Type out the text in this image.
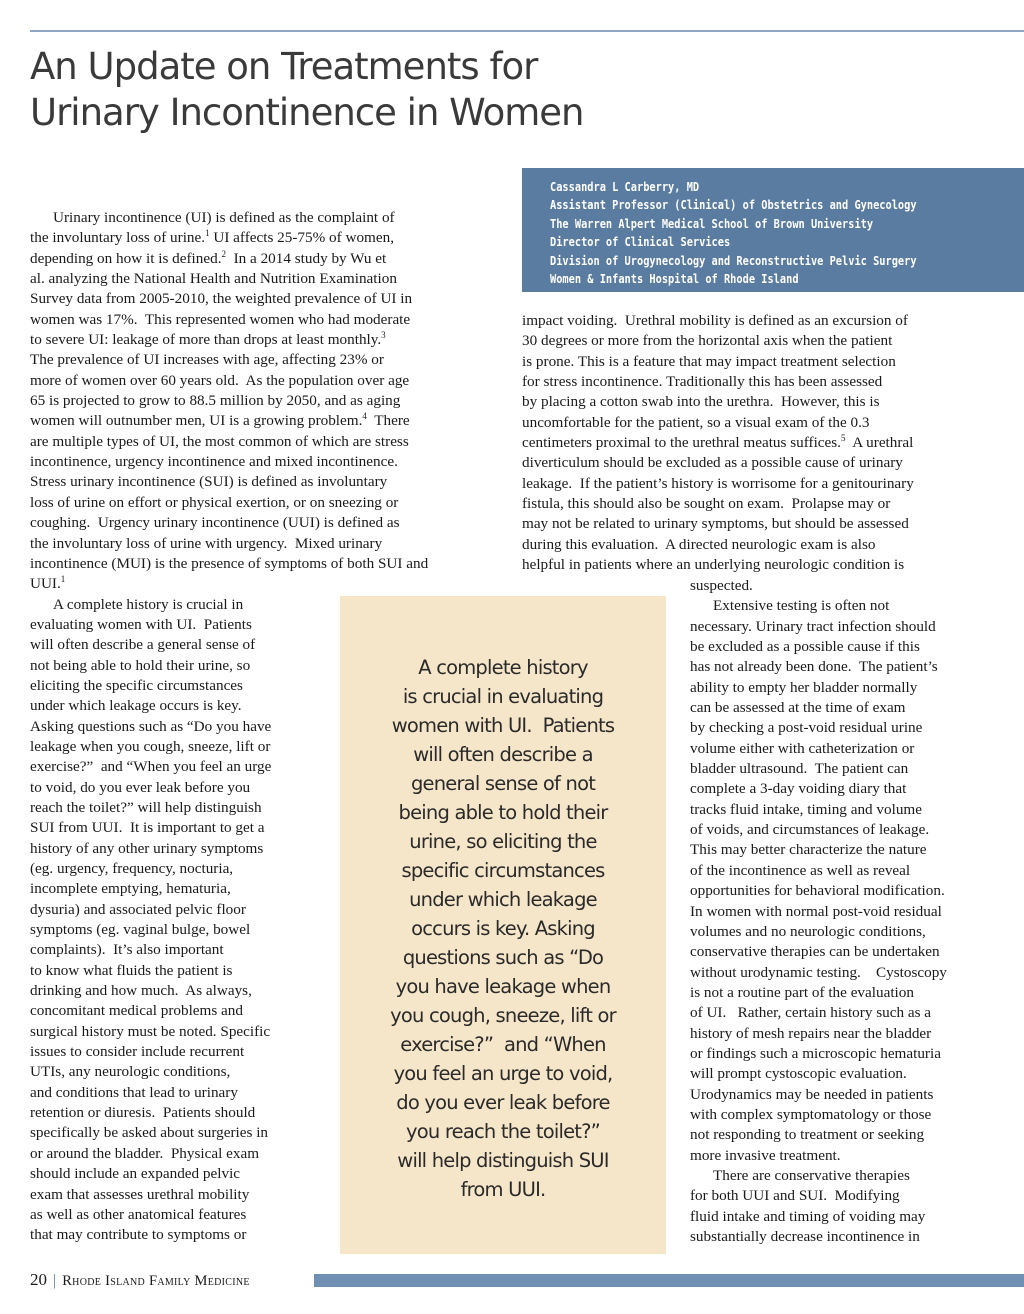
An Update on Treatments for
Urinary Incontinence in Women
Cassandra L Carberry, MD
Assistant Professor (Clinical) of Obstetrics and Gynecology
The Warren Alpert Medical School of Brown University
Director of Clinical Services
Division of Urogynecology and Reconstructive Pelvic Surgery
Women & Infants Hospital of Rhode Island
Urinary incontinence (UI) is defined as the complaint of
the involuntary loss of urine.$^1$ UI affects 25-75% of women,
depending on how it is defined.$^2$  In a 2014 study by Wu et
al. analyzing the National Health and Nutrition Examination
Survey data from 2005-2010, the weighted prevalence of UI in
women was 17%.  This represented women who had moderate
to severe UI: leakage of more than drops at least monthly.$^3$
The prevalence of UI increases with age, affecting 23% or
more of women over 60 years old.  As the population over age
65 is projected to grow to 88.5 million by 2050, and as aging
women will outnumber men, UI is a growing problem.$^4$  There
are multiple types of UI, the most common of which are stress
incontinence, urgency incontinence and mixed incontinence.
Stress urinary incontinence (SUI) is defined as involuntary
loss of urine on effort or physical exertion, or on sneezing or
coughing.  Urgency urinary incontinence (UUI) is defined as
the involuntary loss of urine with urgency.  Mixed urinary
incontinence (MUI) is the presence of symptoms of both SUI and
UUI.$^1$
A complete history is crucial in
evaluating women with UI.  Patients
will often describe a general sense of
not being able to hold their urine, so
eliciting the specific circumstances
under which leakage occurs is key.
Asking questions such as “Do you have
leakage when you cough, sneeze, lift or
exercise?”  and “When you feel an urge
to void, do you ever leak before you
reach the toilet?” will help distinguish
SUI from UUI.  It is important to get a
history of any other urinary symptoms
(eg. urgency, frequency, nocturia,
incomplete emptying, hematuria,
dysuria) and associated pelvic floor
symptoms (eg. vaginal bulge, bowel
complaints).  It’s also important
to know what fluids the patient is
drinking and how much.  As always,
concomitant medical problems and
surgical history must be noted. Specific
issues to consider include recurrent
UTIs, any neurologic conditions,
and conditions that lead to urinary
retention or diuresis.  Patients should
specifically be asked about surgeries in
or around the bladder.  Physical exam
should include an expanded pelvic
exam that assesses urethral mobility
as well as other anatomical features
that may contribute to symptoms or
impact voiding.  Urethral mobility is defined as an excursion of
30 degrees or more from the horizontal axis when the patient
is prone. This is a feature that may impact treatment selection
for stress incontinence. Traditionally this has been assessed
by placing a cotton swab into the urethra.  However, this is
uncomfortable for the patient, so a visual exam of the 0.3
centimeters proximal to the urethral meatus suffices.$^5$  A urethral
diverticulum should be excluded as a possible cause of urinary
leakage.  If the patient’s history is worrisome for a genitourinary
fistula, this should also be sought on exam.  Prolapse may or
may not be related to urinary symptoms, but should be assessed
during this evaluation.  A directed neurologic exam is also
helpful in patients where an underlying neurologic condition is
suspected.
Extensive testing is often not
necessary. Urinary tract infection should
be excluded as a possible cause if this
has not already been done.  The patient’s
ability to empty her bladder normally
can be assessed at the time of exam
by checking a post-void residual urine
volume either with catheterization or
bladder ultrasound.  The patient can
complete a 3-day voiding diary that
tracks fluid intake, timing and volume
of voids, and circumstances of leakage.
This may better characterize the nature
of the incontinence as well as reveal
opportunities for behavioral modification.
In women with normal post-void residual
volumes and no neurologic conditions,
conservative therapies can be undertaken
without urodynamic testing.    Cystoscopy
is not a routine part of the evaluation
of UI.   Rather, certain history such as a
history of mesh repairs near the bladder
or findings such a microscopic hematuria
will prompt cystoscopic evaluation.
Urodynamics may be needed in patients
with complex symptomatology or those
not responding to treatment or seeking
more invasive treatment.
There are conservative therapies
for both UUI and SUI.  Modifying
fluid intake and timing of voiding may
substantially decrease incontinence in
A complete history
is crucial in evaluating
women with UI.  Patients
will often describe a
general sense of not
being able to hold their
urine, so eliciting the
specific circumstances
under which leakage
occurs is key. Asking
questions such as “Do
you have leakage when
you cough, sneeze, lift or
exercise?”  and “When
you feel an urge to void,
do you ever leak before
you reach the toilet?”
will help distinguish SUI
from UUI.
20 | Rhode Island Family Medicine
